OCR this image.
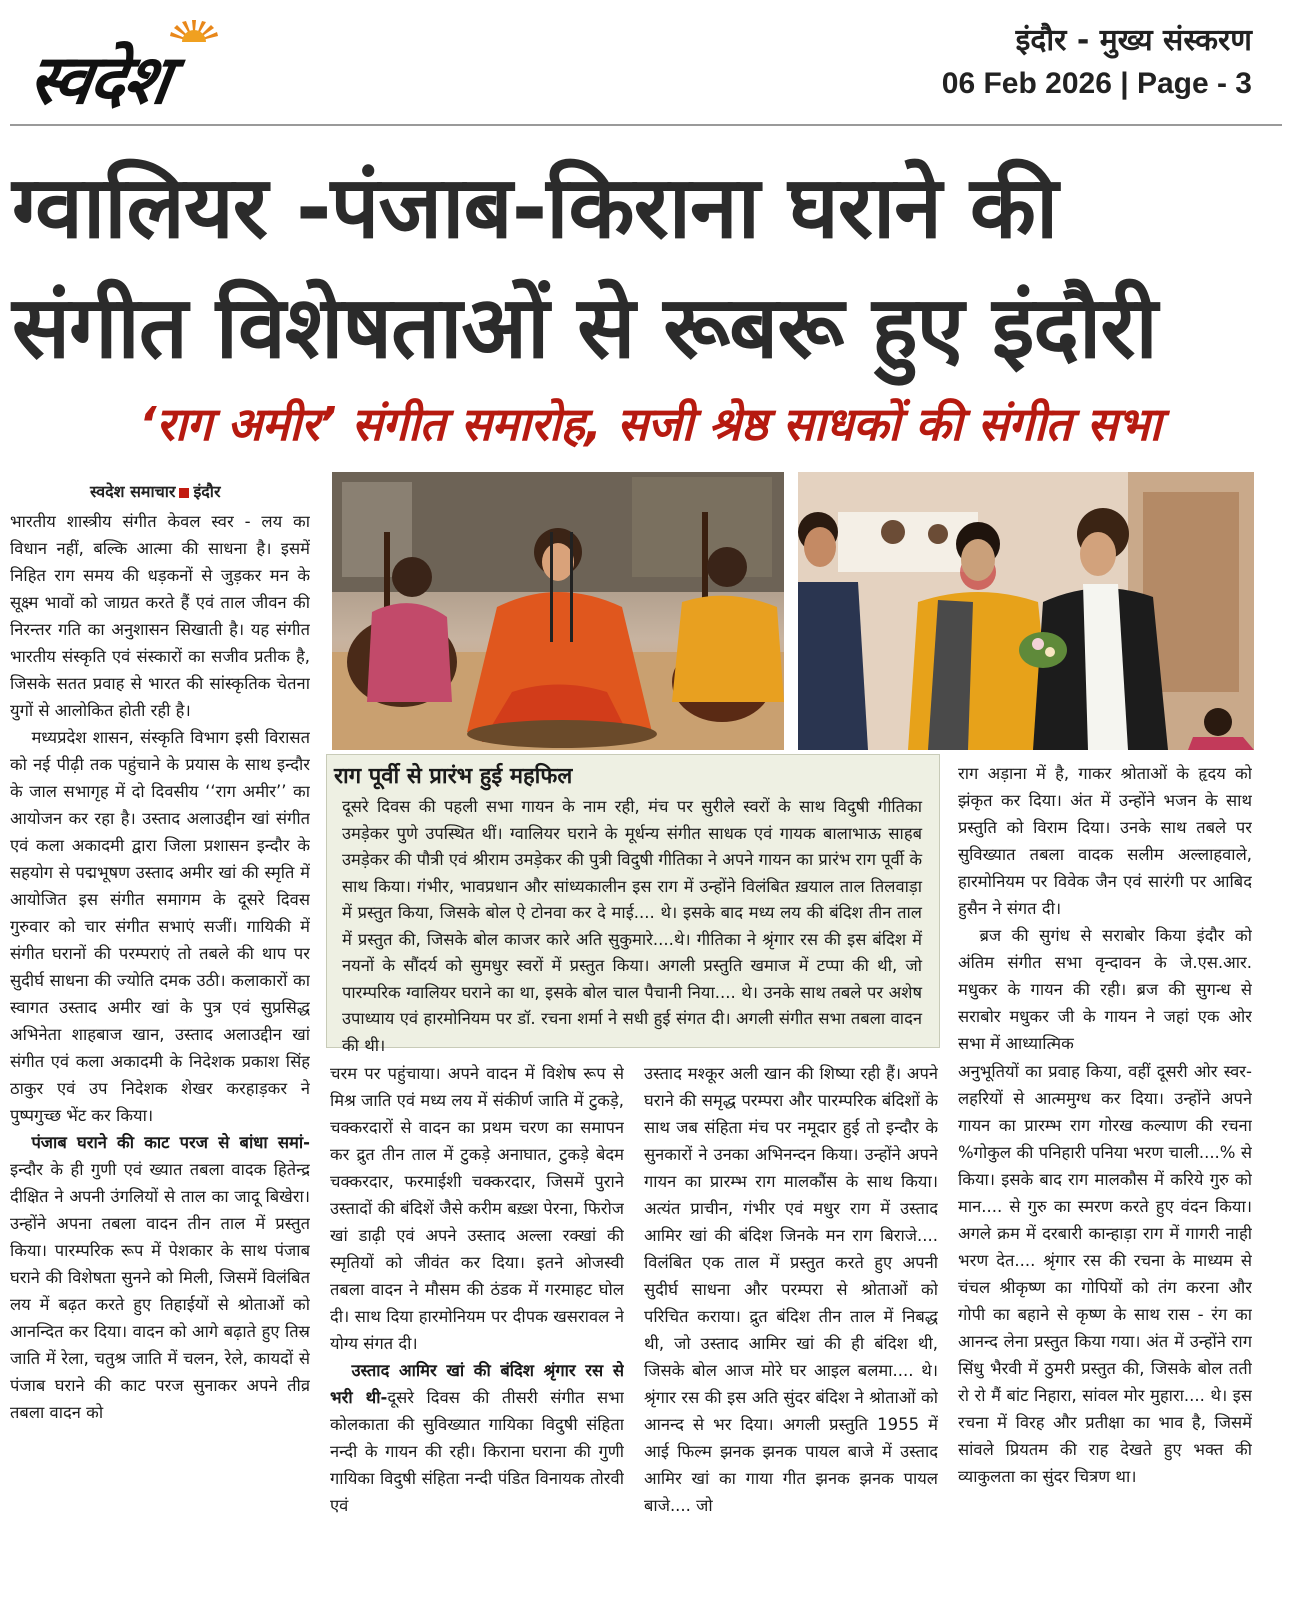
स्वदेश
इंदौर - मुख्य संस्करण
06 Feb 2026 | Page - 3
ग्वालियर -पंजाब-किराना घराने की
संगीत विशेषताओं से रूबरू हुए इंदौरी
‘राग अमीर’ संगीत समारोह, सजी श्रेष्ठ साधकों की संगीत सभा
स्वदेश समाचार इंदौर

भारतीय शास्त्रीय संगीत केवल स्वर - लय का विधान नहीं, बल्कि आत्मा की साधना है। इसमें निहित राग समय की धड़कनों से जुड़कर मन के सूक्ष्म भावों को जाग्रत करते हैं एवं ताल जीवन की निरन्तर गति का अनुशासन सिखाती है। यह संगीत भारतीय संस्कृति एवं संस्कारों का सजीव प्रतीक है, जिसके सतत प्रवाह से भारत की सांस्कृतिक चेतना युगों से आलोकित होती रही है।

मध्यप्रदेश शासन, संस्कृति विभाग इसी विरासत को नई पीढ़ी तक पहुंचाने के प्रयास के साथ इन्दौर के जाल सभागृह में दो दिवसीय ‘‘राग अमीर’’ का आयोजन कर रहा है। उस्ताद अलाउद्दीन खां संगीत एवं कला अकादमी द्वारा जिला प्रशासन इन्दौर के सहयोग से पद्मभूषण उस्ताद अमीर खां की स्मृति में आयोजित इस संगीत समागम के दूसरे दिवस गुरुवार को चार संगीत सभाएं सजीं। गायिकी में संगीत घरानों की परम्पराएं तो तबले की थाप पर सुदीर्घ साधना की ज्योति दमक उठी। कलाकारों का स्वागत उस्ताद अमीर खां के पुत्र एवं सुप्रसिद्ध अभिनेता शाहबाज खान, उस्ताद अलाउद्दीन खां संगीत एवं कला अकादमी के निदेशक प्रकाश सिंह ठाकुर एवं उप निदेशक शेखर करहाड़कर ने पुष्पगुच्छ भेंट कर किया।

पंजाब घराने की काट परज से बांधा समां- इन्दौर के ही गुणी एवं ख्यात तबला वादक हितेन्द्र दीक्षित ने अपनी उंगलियों से ताल का जादू बिखेरा। उन्होंने अपना तबला वादन तीन ताल में प्रस्तुत किया। पारम्परिक रूप में पेशकार के साथ पंजाब घराने की विशेषता सुनने को मिली, जिसमें विलंबित लय में बढ़त करते हुए तिहाईयों से श्रोताओं को आनन्दित कर दिया। वादन को आगे बढ़ाते हुए तिस्र जाति में रेला, चतुश्र जाति में चलन, रेले, कायदों से पंजाब घराने की काट परज सुनाकर अपने तीव्र तबला वादन को

राग पूर्वी से प्रारंभ हुई महफिल

दूसरे दिवस की पहली सभा गायन के नाम रही, मंच पर सुरीले स्वरों के साथ विदुषी गीतिका उमड़ेकर पुणे उपस्थित थीं। ग्वालियर घराने के मूर्धन्य संगीत साधक एवं गायक बालाभाऊ साहब उमड़ेकर की पौत्री एवं श्रीराम उमड़ेकर की पुत्री विदुषी गीतिका ने अपने गायन का प्रारंभ राग पूर्वी के साथ किया। गंभीर, भावप्रधान और सांध्यकालीन इस राग में उन्होंने विलंबित ख़याल ताल तिलवाड़ा में प्रस्तुत किया, जिसके बोल ऐ टोनवा कर दे माई.... थे। इसके बाद मध्य लय की बंदिश तीन ताल में प्रस्तुत की, जिसके बोल काजर कारे अति सुकुमारे....थे। गीतिका ने श्रृंगार रस की इस बंदिश में नयनों के सौंदर्य को सुमधुर स्वरों में प्रस्तुत किया। अगली प्रस्तुति खमाज में टप्पा की थी, जो पारम्परिक ग्वालियर घराने का था, इसके बोल चाल पैचानी निया.... थे। उनके साथ तबले पर अशेष उपाध्याय एवं हारमोनियम पर डॉ. रचना शर्मा ने सधी हुई संगत दी। अगली संगीत सभा तबला वादन की थी।

राग अड़ाना में है, गाकर श्रोताओं के हृदय को झंकृत कर दिया। अंत में उन्होंने भजन के साथ प्रस्तुति को विराम दिया। उनके साथ तबले पर सुविख्यात तबला वादक सलीम अल्लाहवाले, हारमोनियम पर विवेक जैन एवं सारंगी पर आबिद हुसैन ने संगत दी।

ब्रज की सुगंध से सराबोर किया इंदौर को अंतिम संगीत सभा वृन्दावन के जे.एस.आर. मधुकर के गायन की रही। ब्रज की सुगन्ध से सराबोर मधुकर जी के गायन ने जहां एक ओर सभा में आध्यात्मिक

चरम पर पहुंचाया। अपने वादन में विशेष रूप से मिश्र जाति एवं मध्य लय में संकीर्ण जाति में टुकड़े, चक्करदारों से वादन का प्रथम चरण का समापन कर द्रुत तीन ताल में टुकड़े अनाघात, टुकड़े बेदम चक्करदार, फरमाईशी चक्करदार, जिसमें पुराने उस्तादों की बंदिशें जैसे करीम बख़्श पेरना, फिरोज खां डाढ़ी एवं अपने उस्ताद अल्ला रक्खां की स्मृतियों को जीवंत कर दिया। इतने ओजस्वी तबला वादन ने मौसम की ठंडक में गरमाहट घोल दी। साथ दिया हारमोनियम पर दीपक खसरावल ने योग्य संगत दी।

उस्ताद आमिर खां की बंदिश श्रृंगार रस से भरी थी-दूसरे दिवस की तीसरी संगीत सभा कोलकाता की सुविख्यात गायिका विदुषी संहिता नन्दी के गायन की रही। किराना घराना की गुणी गायिका विदुषी संहिता नन्दी पंडित विनायक तोरवी एवं

उस्ताद मश्कूर अली खान की शिष्या रही हैं। अपने घराने की समृद्ध परम्परा और पारम्परिक बंदिशों के साथ जब संहिता मंच पर नमूदार हुई तो इन्दौर के सुनकारों ने उनका अभिनन्दन किया। उन्होंने अपने गायन का प्रारम्भ राग मालकौंस के साथ किया। अत्यंत प्राचीन, गंभीर एवं मधुर राग में उस्ताद आमिर खां की बंदिश जिनके मन राग बिराजे.... विलंबित एक ताल में प्रस्तुत करते हुए अपनी सुदीर्घ साधना और परम्परा से श्रोताओं को परिचित कराया। द्रुत बंदिश तीन ताल में निबद्ध थी, जो उस्ताद आमिर खां की ही बंदिश थी, जिसके बोल आज मोरे घर आइल बलमा.... थे। श्रृंगार रस की इस अति सुंदर बंदिश ने श्रोताओं को आनन्द से भर दिया। अगली प्रस्तुति 1955 में आई फिल्म झनक झनक पायल बाजे में उस्ताद आमिर खां का गाया गीत झनक झनक पायल बाजे.... जो

अनुभूतियों का प्रवाह किया, वहीं दूसरी ओर स्वर-लहरियों से आत्ममुग्ध कर दिया। उन्होंने अपने गायन का प्रारम्भ राग गोरख कल्याण की रचना %गोकुल की पनिहारी पनिया भरण चाली....% से किया। इसके बाद राग मालकौस में करिये गुरु को मान.... से गुरु का स्मरण करते हुए वंदन किया। अगले क्रम में दरबारी कान्हाड़ा राग में गागरी नाही भरण देत.... श्रृंगार रस की रचना के माध्यम से चंचल श्रीकृष्ण का गोपियों को तंग करना और गोपी का बहाने से कृष्ण के साथ रास - रंग का आनन्द लेना प्रस्तुत किया गया। अंत में उन्होंने राग सिंधु भैरवी में ठुमरी प्रस्तुत की, जिसके बोल तती रो रो मैं बांट निहारा, सांवल मोर मुहारा.... थे। इस रचना में विरह और प्रतीक्षा का भाव है, जिसमें सांवले प्रियतम की राह देखते हुए भक्त की व्याकुलता का सुंदर चित्रण था।
